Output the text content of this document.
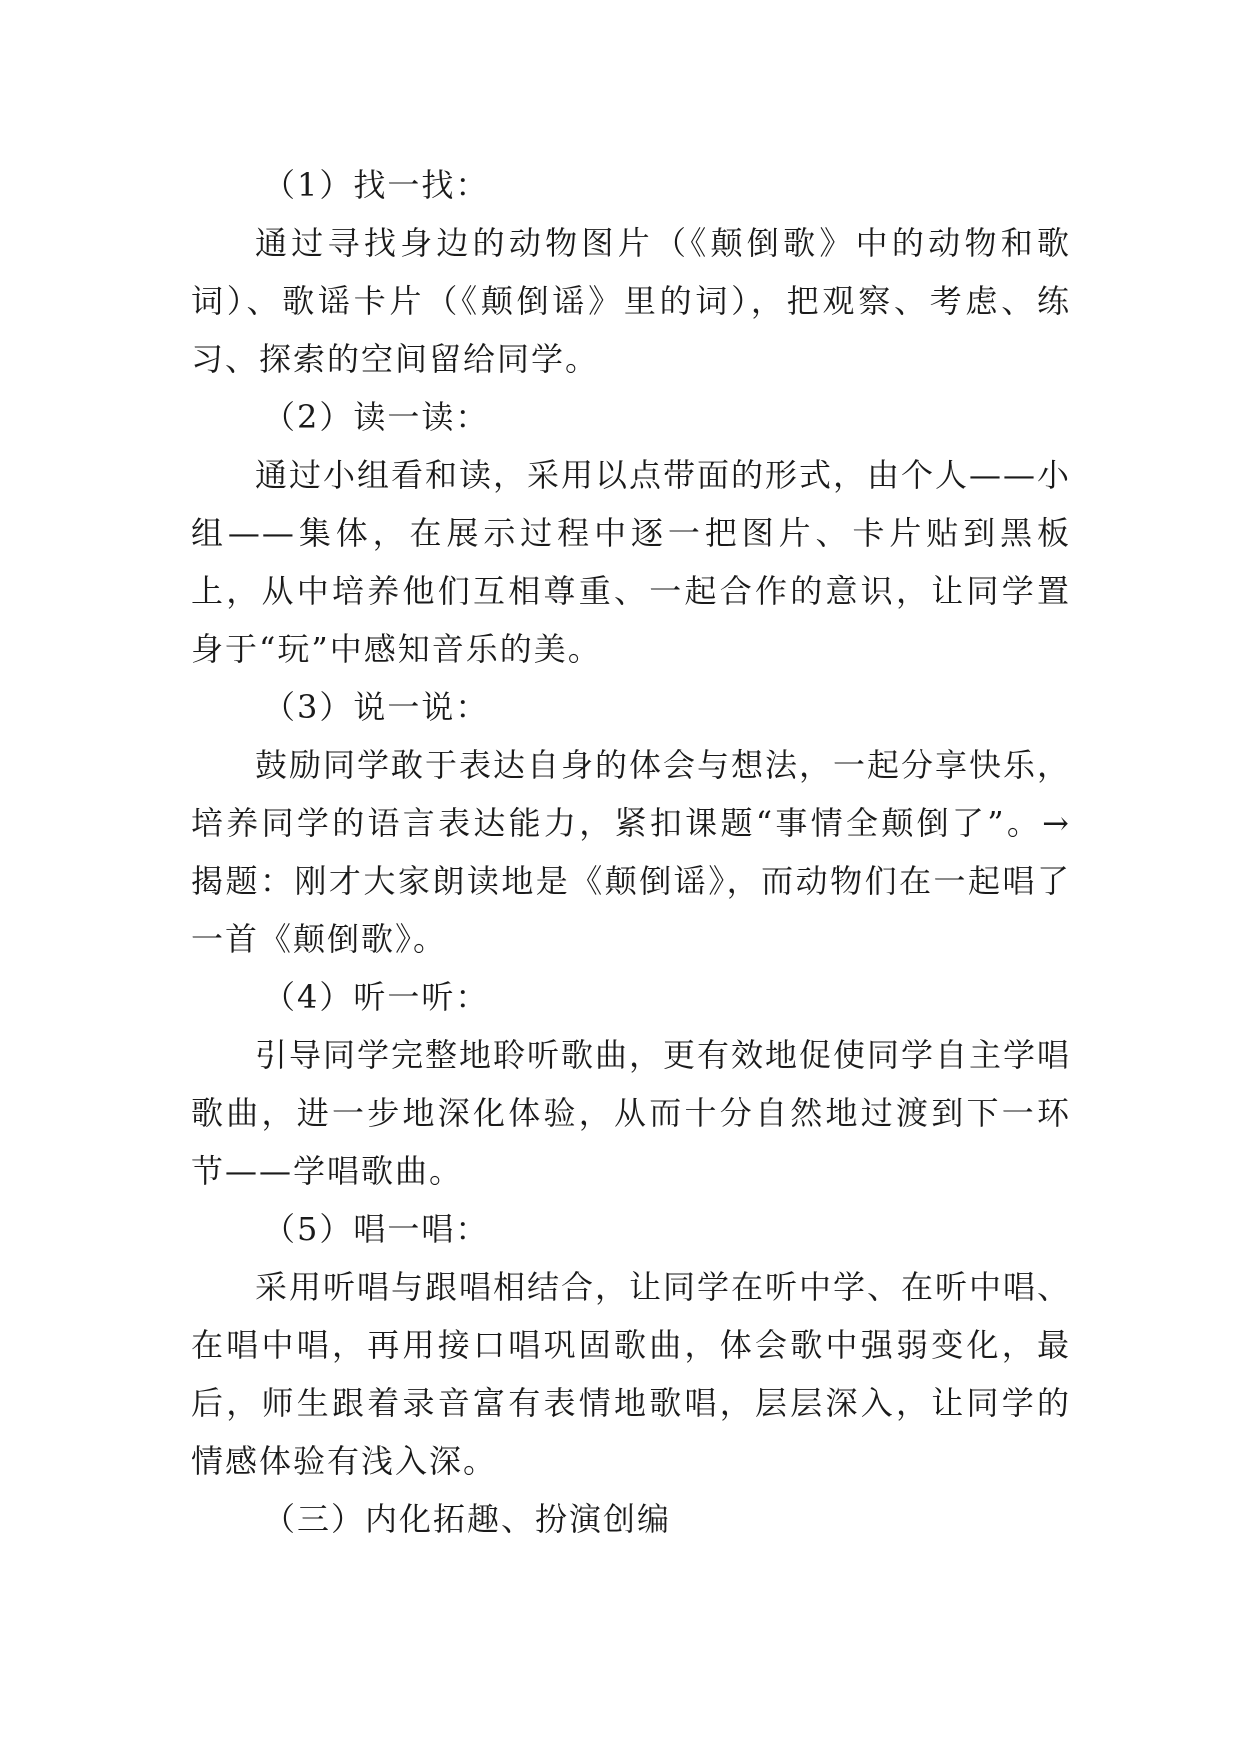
（1）找一找：

通过寻找身边的动物图片（《颠倒歌》中的动物和歌词）、歌谣卡片（《颠倒谣》里的词），把观察、考虑、练习、探索的空间留给同学。

（2）读一读：

通过小组看和读，采用以点带面的形式，由个人——小组——集体，在展示过程中逐一把图片、卡片贴到黑板上，从中培养他们互相尊重、一起合作的意识，让同学置身于“玩”中感知音乐的美。

（3）说一说：

鼓励同学敢于表达自身的体会与想法，一起分享快乐，培养同学的语言表达能力，紧扣课题“事情全颠倒了”。→揭题：刚才大家朗读地是《颠倒谣》，而动物们在一起唱了一首《颠倒歌》。

（4）听一听：

引导同学完整地聆听歌曲，更有效地促使同学自主学唱歌曲，进一步地深化体验，从而十分自然地过渡到下一环节——学唱歌曲。

（5）唱一唱：

采用听唱与跟唱相结合，让同学在听中学、在听中唱、在唱中唱，再用接口唱巩固歌曲，体会歌中强弱变化，最后，师生跟着录音富有表情地歌唱，层层深入，让同学的情感体验有浅入深。

（三）内化拓趣、扮演创编
